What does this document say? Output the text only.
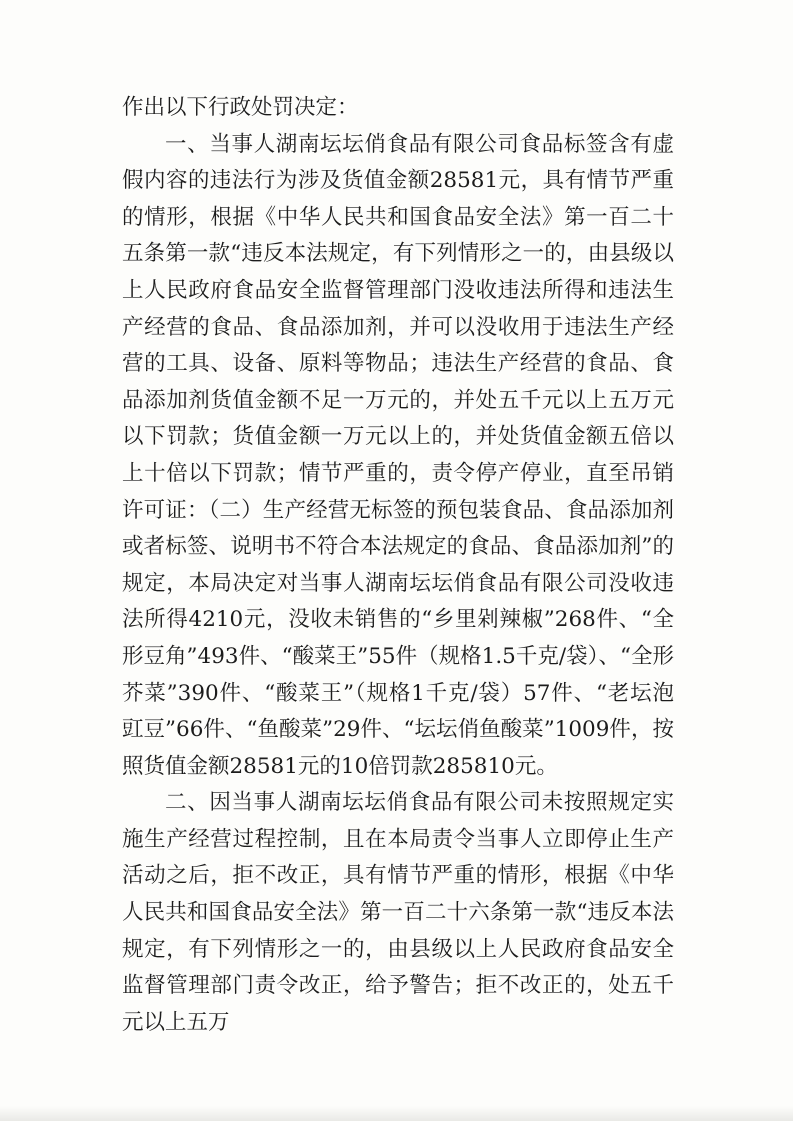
作出以下行政处罚决定：

一、当事人湖南坛坛俏食品有限公司食品标签含有虚假内容的违法行为涉及货值金额28581元，具有情节严重的情形，根据《中华人民共和国食品安全法》第一百二十五条第一款“违反本法规定，有下列情形之一的，由县级以上人民政府食品安全监督管理部门没收违法所得和违法生产经营的食品、食品添加剂，并可以没收用于违法生产经营的工具、设备、原料等物品；违法生产经营的食品、食品添加剂货值金额不足一万元的，并处五千元以上五万元以下罚款；货值金额一万元以上的，并处货值金额五倍以上十倍以下罚款；情节严重的，责令停产停业，直至吊销许可证：（二）生产经营无标签的预包装食品、食品添加剂或者标签、说明书不符合本法规定的食品、食品添加剂”的规定，本局决定对当事人湖南坛坛俏食品有限公司没收违法所得4210元，没收未销售的“乡里剁辣椒”268件、“全形豆角”493件、“酸菜王”55件（规格1.5千克/袋）、“全形芥菜”390件、“酸菜王”（规格1千克/袋）57件、“老坛泡豇豆”66件、“鱼酸菜”29件、“坛坛俏鱼酸菜”1009件，按照货值金额28581元的10倍罚款285810元。

二、因当事人湖南坛坛俏食品有限公司未按照规定实施生产经营过程控制，且在本局责令当事人立即停止生产活动之后，拒不改正，具有情节严重的情形，根据《中华人民共和国食品安全法》第一百二十六条第一款“违反本法规定，有下列情形之一的，由县级以上人民政府食品安全监督管理部门责令改正，给予警告；拒不改正的，处五千元以上五万
